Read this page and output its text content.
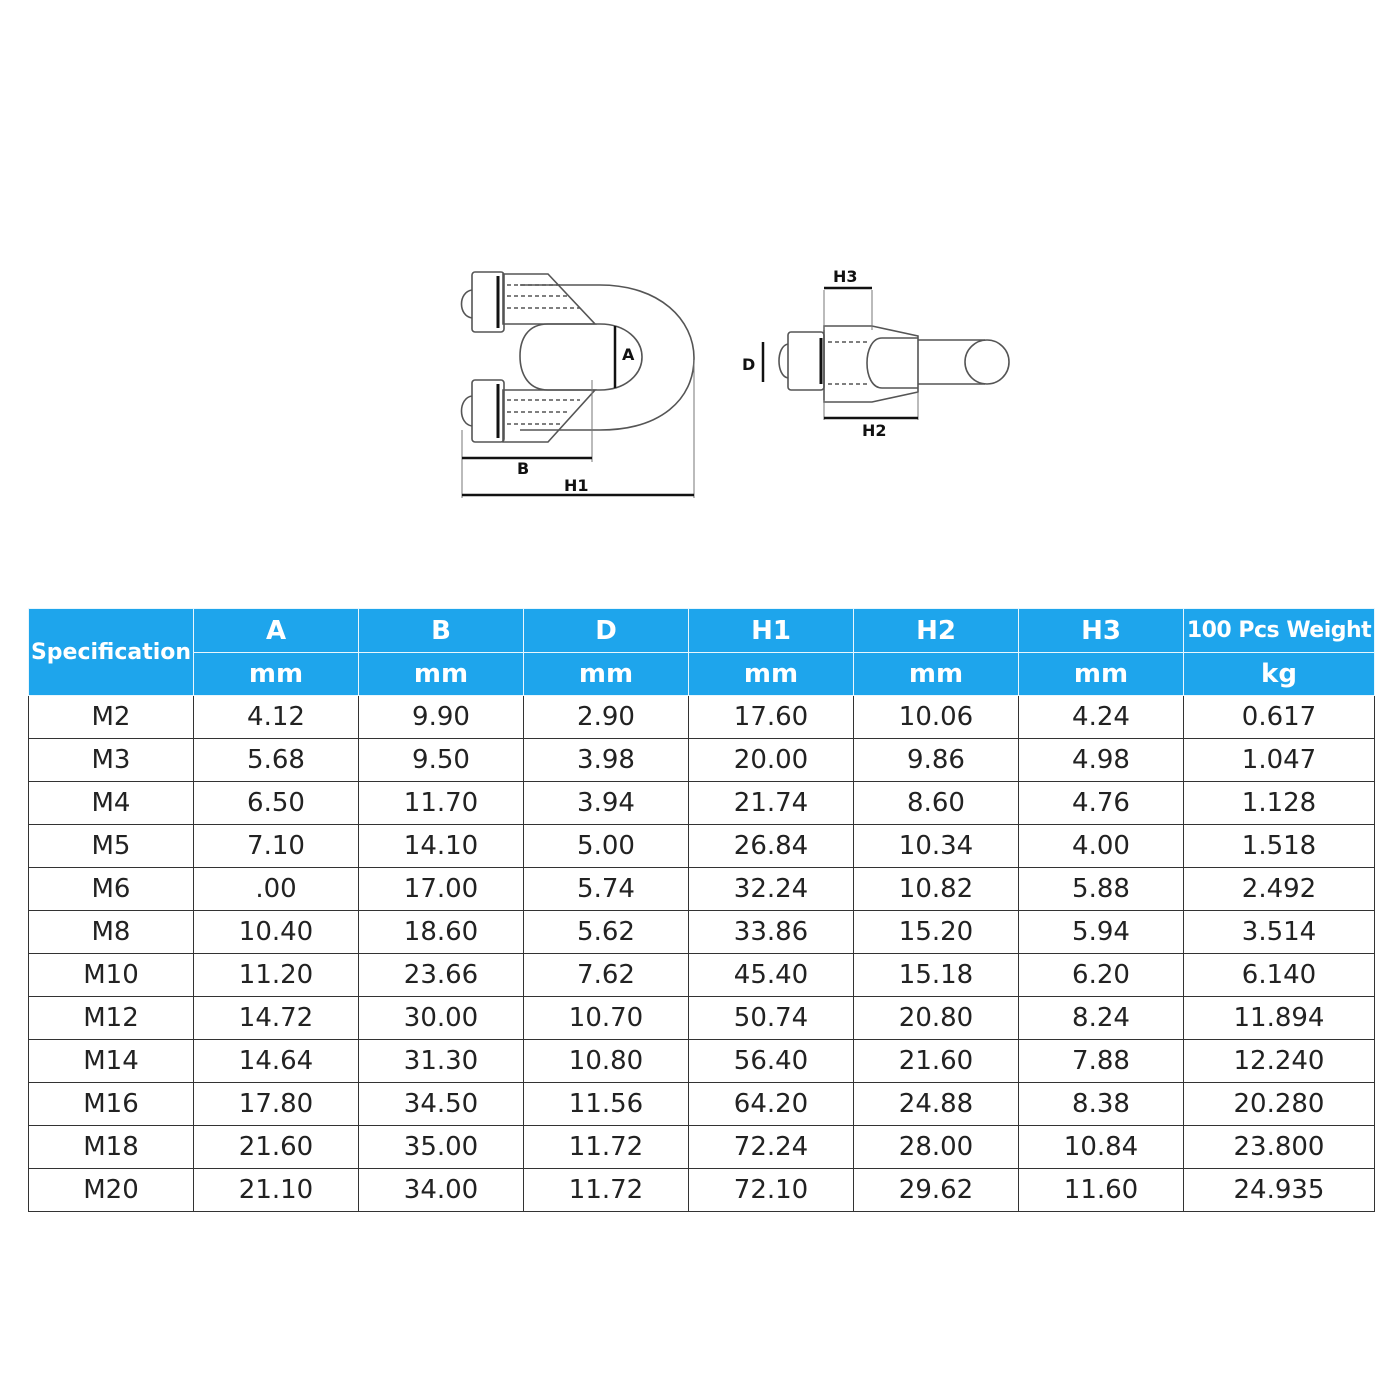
A
B
H1
H3
D
H2
Specification	A	B	D	H1	H2	H3	100 Pcs Weight
	mm	mm	mm	mm	mm	mm	kg
M2	4.12	9.90	2.90	17.60	10.06	4.24	0.617
M3	5.68	9.50	3.98	20.00	9.86	4.98	1.047
M4	6.50	11.70	3.94	21.74	8.60	4.76	1.128
M5	7.10	14.10	5.00	26.84	10.34	4.00	1.518
M6	.00	17.00	5.74	32.24	10.82	5.88	2.492
M8	10.40	18.60	5.62	33.86	15.20	5.94	3.514
M10	11.20	23.66	7.62	45.40	15.18	6.20	6.140
M12	14.72	30.00	10.70	50.74	20.80	8.24	11.894
M14	14.64	31.30	10.80	56.40	21.60	7.88	12.240
M16	17.80	34.50	11.56	64.20	24.88	8.38	20.280
M18	21.60	35.00	11.72	72.24	28.00	10.84	23.800
M20	21.10	34.00	11.72	72.10	29.62	11.60	24.935
